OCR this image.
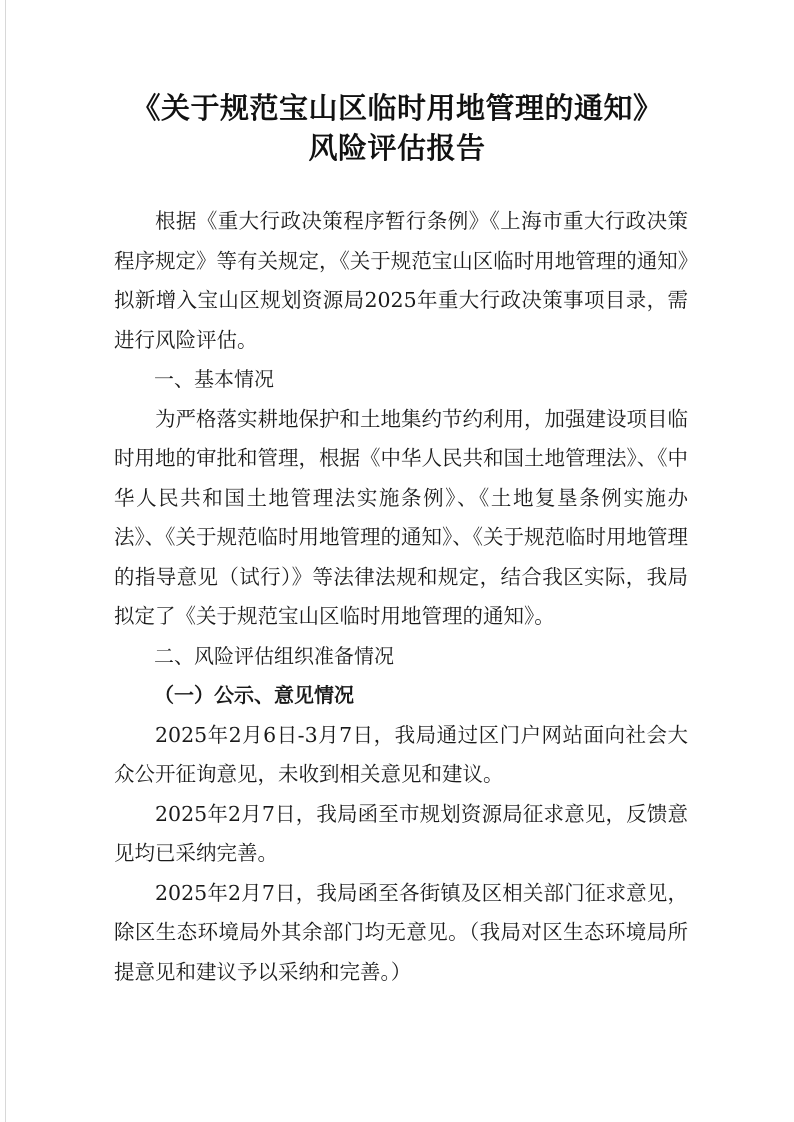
《关于规范宝山区临时用地管理的通知》
风险评估报告

根据《重大行政决策程序暂行条例》《上海市重大行政决策程序规定》等有关规定，《关于规范宝山区临时用地管理的通知》拟新增入宝山区规划资源局2025年重大行政决策事项目录，需进行风险评估。

一、基本情况

为严格落实耕地保护和土地集约节约利用，加强建设项目临时用地的审批和管理，根据《中华人民共和国土地管理法》、《中华人民共和国土地管理法实施条例》、《土地复垦条例实施办法》、《关于规范临时用地管理的通知》、《关于规范临时用地管理的指导意见（试行）》等法律法规和规定，结合我区实际，我局拟定了《关于规范宝山区临时用地管理的通知》。

二、风险评估组织准备情况

（一）公示、意见情况

2025年2月6日-3月7日，我局通过区门户网站面向社会大众公开征询意见，未收到相关意见和建议。

2025年2月7日，我局函至市规划资源局征求意见，反馈意见均已采纳完善。

2025年2月7日，我局函至各街镇及区相关部门征求意见，除区生态环境局外其余部门均无意见。（我局对区生态环境局所提意见和建议予以采纳和完善。）
